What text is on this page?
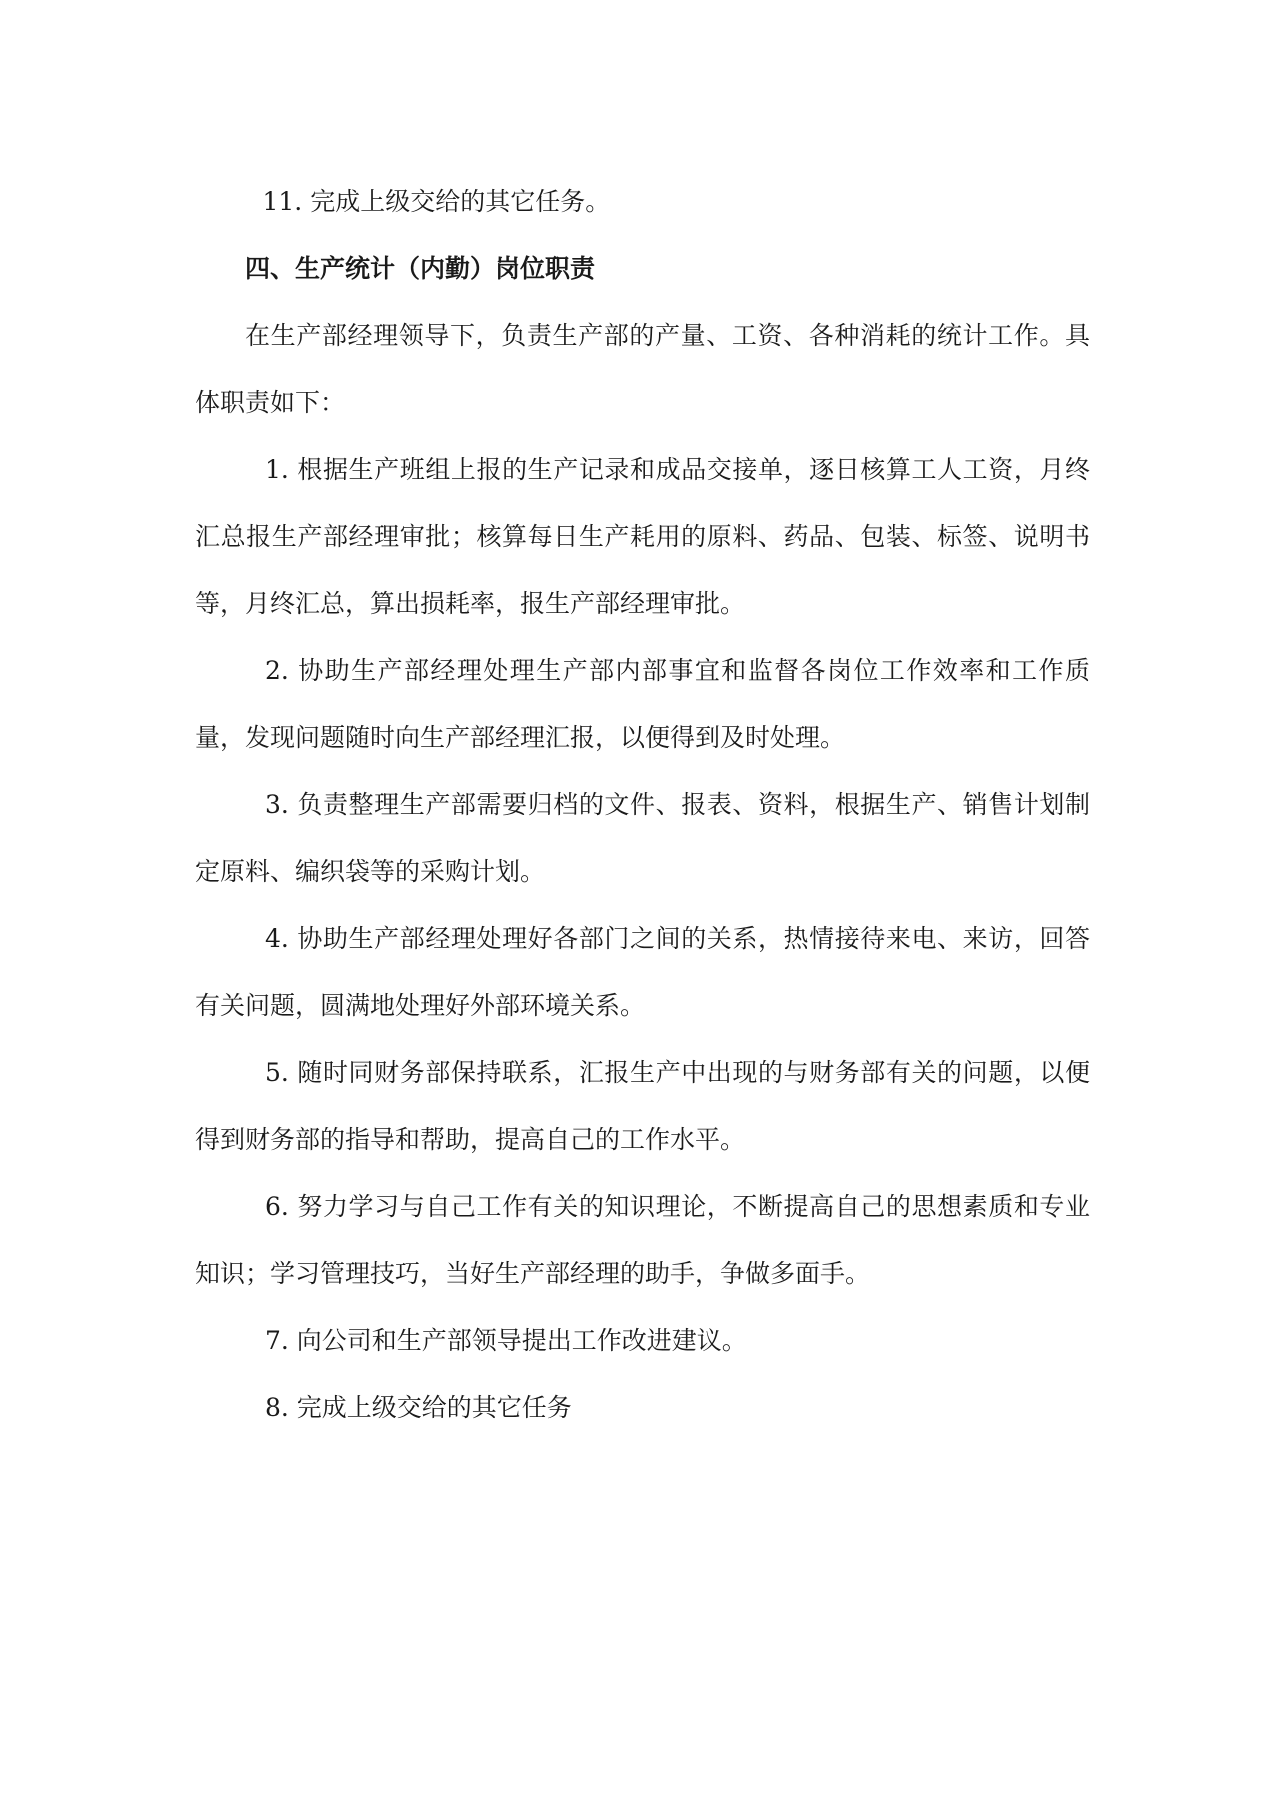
11. 完成上级交给的其它任务。

四、生产统计（内勤）岗位职责

在生产部经理领导下，负责生产部的产量、工资、各种消耗的统计工作。具体职责如下：

1. 根据生产班组上报的生产记录和成品交接单，逐日核算工人工资，月终汇总报生产部经理审批；核算每日生产耗用的原料、药品、包装、标签、说明书等，月终汇总，算出损耗率，报生产部经理审批。

2. 协助生产部经理处理生产部内部事宜和监督各岗位工作效率和工作质量，发现问题随时向生产部经理汇报，以便得到及时处理。

3. 负责整理生产部需要归档的文件、报表、资料，根据生产、销售计划制定原料、编织袋等的采购计划。

4. 协助生产部经理处理好各部门之间的关系，热情接待来电、来访，回答有关问题，圆满地处理好外部环境关系。

5. 随时同财务部保持联系，汇报生产中出现的与财务部有关的问题，以便得到财务部的指导和帮助，提高自己的工作水平。

6. 努力学习与自己工作有关的知识理论，不断提高自己的思想素质和专业知识；学习管理技巧，当好生产部经理的助手，争做多面手。

7. 向公司和生产部领导提出工作改进建议。

8. 完成上级交给的其它任务
